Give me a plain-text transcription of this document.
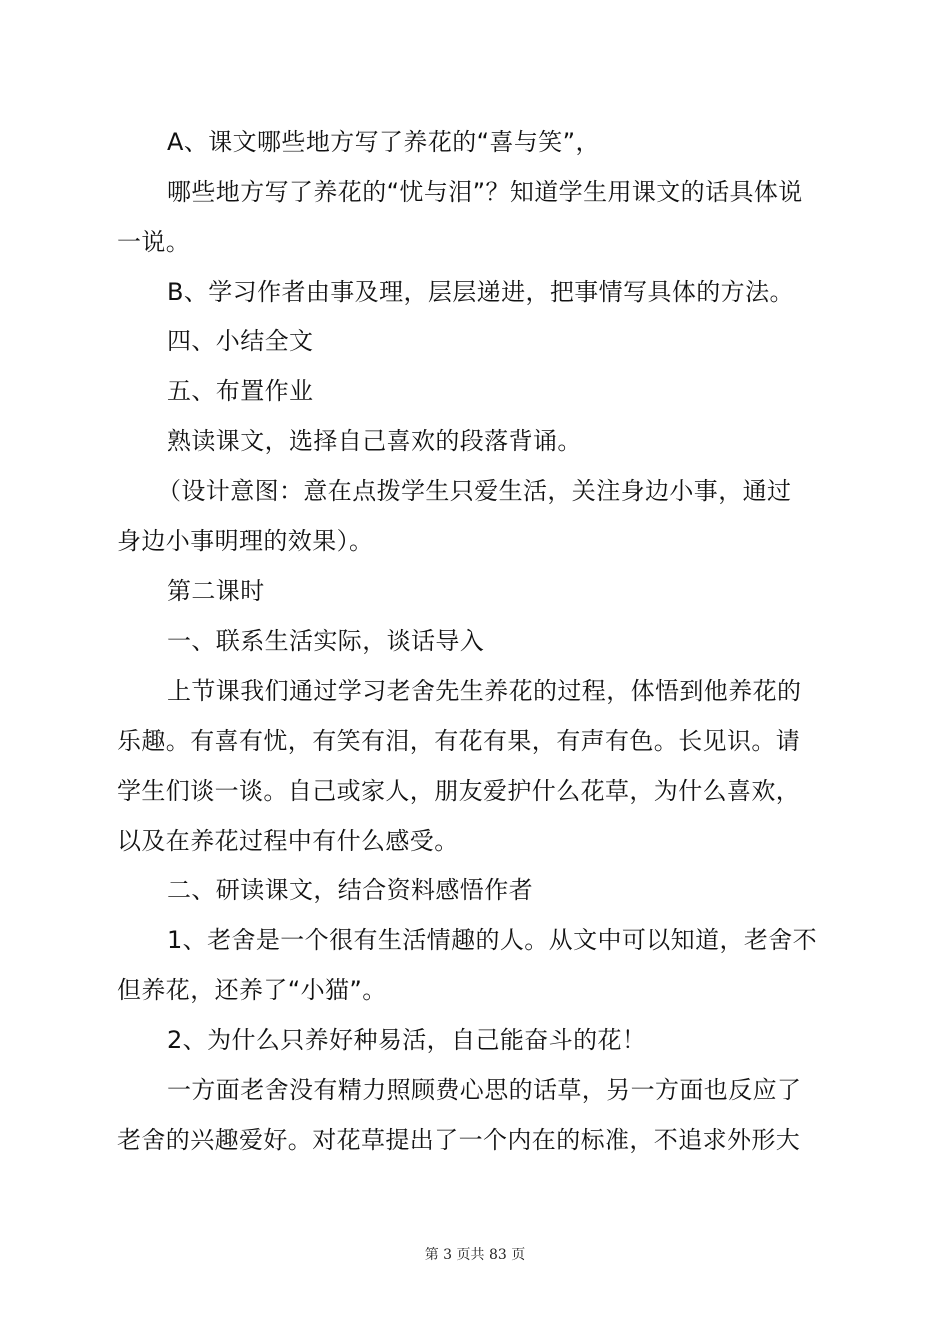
A、课文哪些地方写了养花的“喜与笑”，
哪些地方写了养花的“忧与泪”？知道学生用课文的话具体说
一说。
B、学习作者由事及理，层层递进，把事情写具体的方法。
四、小结全文
五、布置作业
熟读课文，选择自己喜欢的段落背诵。
（设计意图：意在点拨学生只爱生活，关注身边小事，通过
身边小事明理的效果）。
第二课时
一、联系生活实际，谈话导入
上节课我们通过学习老舍先生养花的过程，体悟到他养花的
乐趣。有喜有忧，有笑有泪，有花有果，有声有色。长见识。请
学生们谈一谈。自己或家人，朋友爱护什么花草，为什么喜欢，
以及在养花过程中有什么感受。
二、研读课文，结合资料感悟作者
1、老舍是一个很有生活情趣的人。从文中可以知道，老舍不
但养花，还养了“小猫”。
2、为什么只养好种易活，自己能奋斗的花！
一方面老舍没有精力照顾费心思的话草，另一方面也反应了
老舍的兴趣爱好。对花草提出了一个内在的标准，不追求外形大
第 3 页共 83 页
